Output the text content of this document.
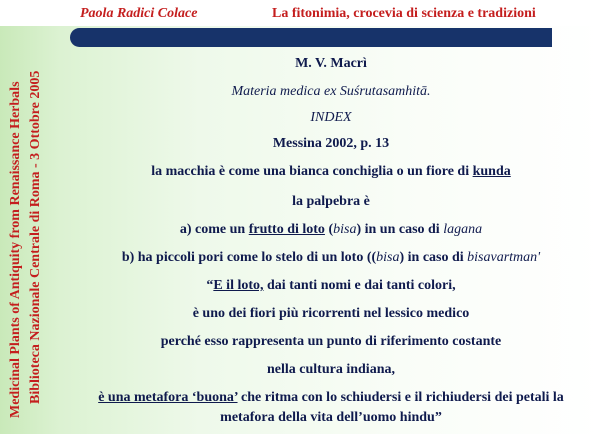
Paola Radici Colace	La fitonimia, crocevia di scienza e tradizioni
Medicinal Plants of Antiquity from Renaissance Herbals Biblioteca Nazionale Centrale di Roma - 3 Ottobre 2005
M. V. Macrì
Materia medica ex Suśrutasamhitā.
INDEX
Messina 2002, p. 13
la macchia è come una bianca conchiglia o un fiore di kunda
la palpebra è
a) come un frutto di loto (bisa) in un caso di lagana
b) ha piccoli pori come lo stelo di un loto ((bisa) in caso di bisavartman'
“E il loto, dai tanti nomi e dai tanti colori,
è uno dei fiori più ricorrenti nel lessico medico
perché esso rappresenta un punto di riferimento costante
nella cultura indiana,
è una metafora ‘buona’ che ritma con lo schiudersi e il richiudersi dei petali la
metafora della vita dell’uomo hindu”
